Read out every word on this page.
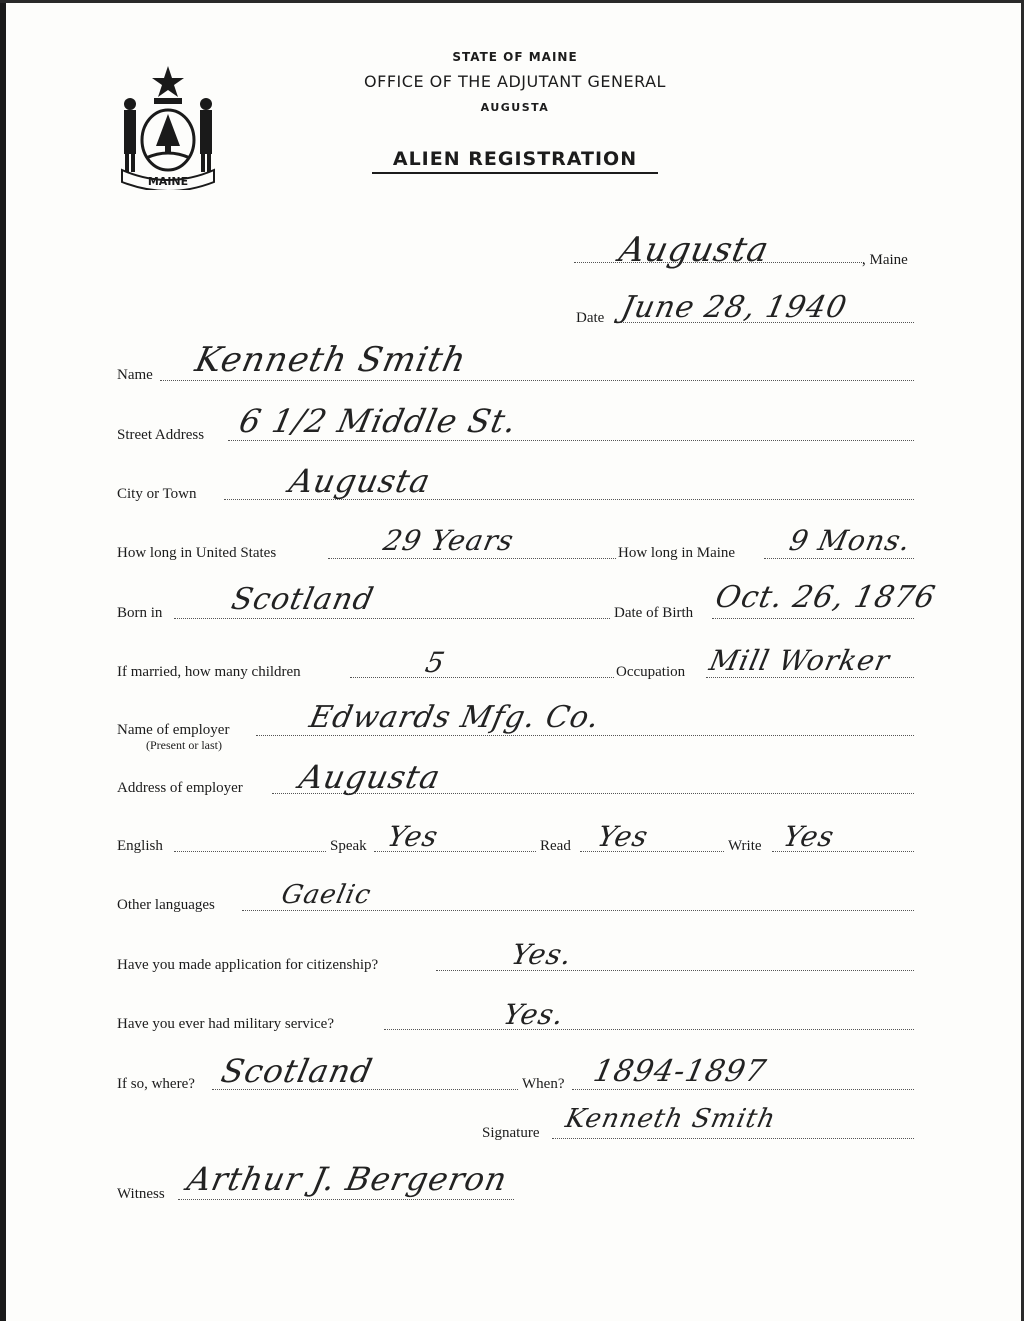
MAINE
STATE OF MAINE
OFFICE OF THE ADJUTANT GENERAL
AUGUSTA
ALIEN REGISTRATION
Augusta	, Maine
Date June 28, 1940
Name Kenneth Smith
Street Address 6 1/2 Middle St.
City or Town	Augusta
How long in United States	29 Years	How long in Maine 9 Mons.
Born in Scotland	Date of Birth Oct. 26, 1876
If married, how many children	5	Occupation Mill Worker
Name of employer
(Present or last)
Edwards Mfg. Co.
Address of employer Augusta
English	Speak Yes	Read Yes	Write Yes
Other languages Gaelic
Have you made application for citizenship?	Yes.
Have you ever had military service?	Yes.
If so, where? Scotland	When? 1894-1897
Signature Kenneth Smith
Witness Arthur J. Bergeron
